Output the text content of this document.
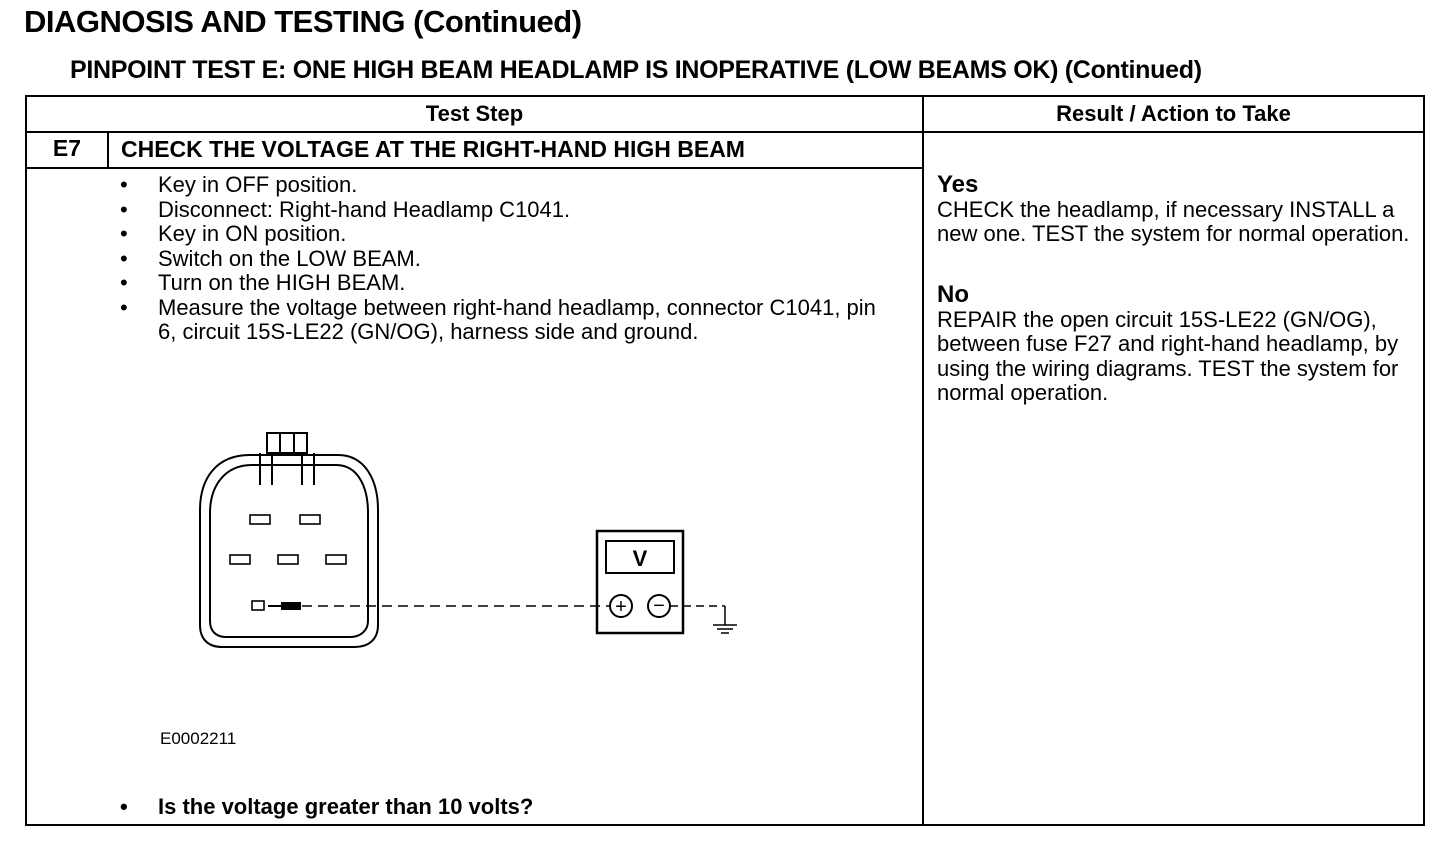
DIAGNOSIS AND TESTING (Continued)
PINPOINT TEST E: ONE HIGH BEAM HEADLAMP IS INOPERATIVE (LOW BEAMS OK) (Continued)
Test Step	Result / Action to Take
E7	CHECK THE VOLTAGE AT THE RIGHT-HAND HIGH BEAM
• Key in OFF position.
• Disconnect: Right-hand Headlamp C1041.
• Key in ON position.
• Switch on the LOW BEAM.
• Turn on the HIGH BEAM.
• Measure the voltage between right-hand headlamp, connector C1041, pin 6, circuit 15S-LE22 (GN/OG), harness side and ground.
V
+ −
E0002211
• Is the voltage greater than 10 volts?
Yes
CHECK the headlamp, if necessary INSTALL a new one. TEST the system for normal operation.
No
REPAIR the open circuit 15S-LE22 (GN/OG), between fuse F27 and right-hand headlamp, by using the wiring diagrams. TEST the system for normal operation.
